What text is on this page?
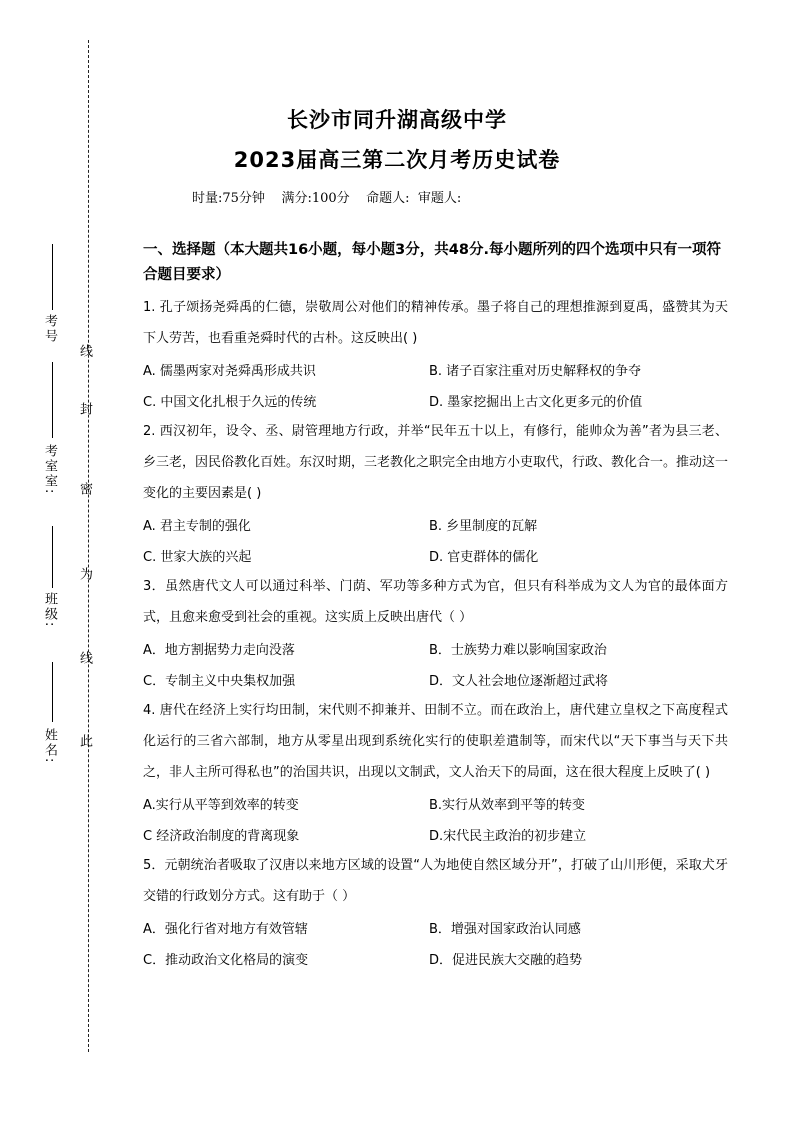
考号
考室室:
班级:
姓名:
线
封
密
为
线
此
长沙市同升湖高级中学
2023届高三第二次月考历史试卷
时量:75分钟    满分:100分    命题人:  审题人:
一、选择题（本大题共16小题，每小题3分，共48分.每小题所列的四个选项中只有一项符合题目要求）

1. 孔子颂扬尧舜禹的仁德，崇敬周公对他们的精神传承。墨子将自己的理想推源到夏禹，盛赞其为天下人劳苦，也看重尧舜时代的古朴。这反映出( )

A. 儒墨两家对尧舜禹形成共识	B. 诸子百家注重对历史解释权的争夺
C. 中国文化扎根于久远的传统	D. 墨家挖掘出上古文化更多元的价值

2. 西汉初年，设令、丞、尉管理地方行政，并举“民年五十以上，有修行，能帅众为善”者为县三老、乡三老，因民俗教化百姓。东汉时期，三老教化之职完全由地方小吏取代，行政、教化合一。推动这一变化的主要因素是( )

A. 君主专制的强化	B. 乡里制度的瓦解
C. 世家大族的兴起	D. 官吏群体的儒化

3．虽然唐代文人可以通过科举、门荫、军功等多种方式为官，但只有科举成为文人为官的最体面方式，且愈来愈受到社会的重视。这实质上反映出唐代（ ）

A．地方割据势力走向没落	B．士族势力难以影响国家政治
C．专制主义中央集权加强	D．文人社会地位逐渐超过武将

4. 唐代在经济上实行均田制，宋代则不抑兼并、田制不立。而在政治上，唐代建立皇权之下高度程式化运行的三省六部制，地方从零星出现到系统化实行的使职差遣制等，而宋代以“天下事当与天下共之，非人主所可得私也”的治国共识，出现以文制武，文人治天下的局面，这在很大程度上反映了( )

A.实行从平等到效率的转变	B.实行从效率到平等的转变
C 经济政治制度的背离现象	D.宋代民主政治的初步建立

5．元朝统治者吸取了汉唐以来地方区域的设置“人为地使自然区域分开”，打破了山川形便，采取犬牙交错的行政划分方式。这有助于（ ）

A．强化行省对地方有效管辖	B．增强对国家政治认同感
C．推动政治文化格局的演变	D．促进民族大交融的趋势
